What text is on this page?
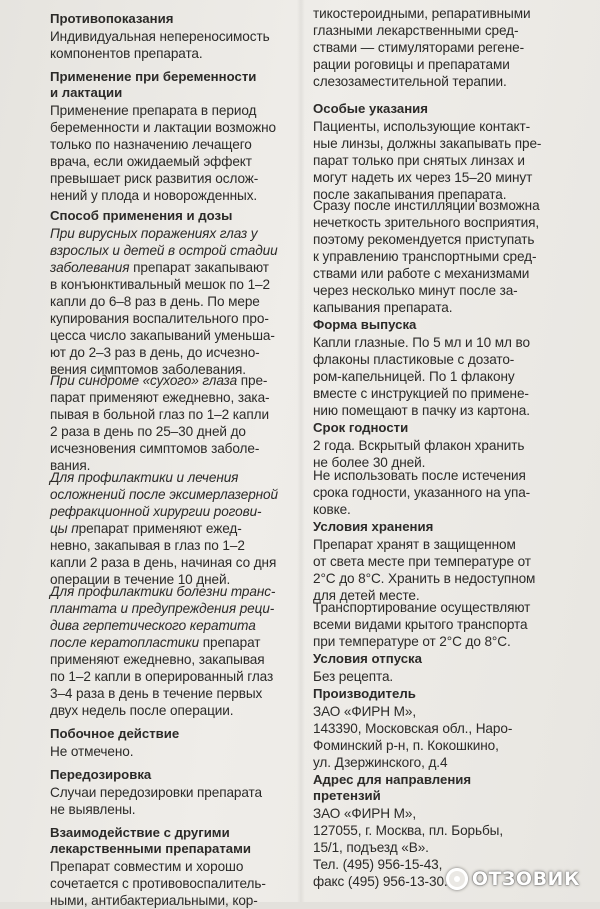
Противопоказания
Индивидуальная непереносимость
компонентов препарата.
Применение при беременности
и лактации
Применение препарата в период
беременности и лактации возможно
только по назначению лечащего
врача, если ожидаемый эффект
превышает риск развития ослож-
нений у плода и новорожденных.
Способ применения и дозы
При вирусных поражениях глаз у
взрослых и детей в острой стадии
заболевания препарат закапывают
в конъюнктивальный мешок по 1–2
капли до 6–8 раз в день. По мере
купирования воспалительного про-
цесса число закапываний уменьша-
ют до 2–3 раз в день, до исчезно-
вения симптомов заболевания.
При синдроме «сухого» глаза пре-
парат применяют ежедневно, зака-
пывая в больной глаз по 1–2 капли
2 раза в день по 25–30 дней до
исчезновения симптомов заболе-
вания.
Для профилактики и лечения
осложнений после эксимерлазерной
рефракционной хирургии рогови-
цы препарат применяют ежед-
невно, закапывая в глаз по 1–2
капли 2 раза в день, начиная со дня
операции в течение 10 дней.
Для профилактики болезни транс-
плантата и предупреждения реци-
дива герпетического кератита
после кератопластики препарат
применяют ежедневно, закапывая
по 1–2 капли в оперированный глаз
3–4 раза в день в течение первых
двух недель после операции.
Побочное действие
Не отмечено.
Передозировка
Случаи передозировки препарата
не выявлены.
Взаимодействие с другими
лекарственными препаратами
Препарат совместим и хорошо
сочетается с противовоспалитель-
ными, антибактериальными, кор-
тикостероидными, репаративными
глазными лекарственными сред-
ствами — стимуляторами регене-
рации роговицы и препаратами
слезозаместительной терапии.
Особые указания
Пациенты, использующие контакт-
ные линзы, должны закапывать пре-
парат только при снятых линзах и
могут надеть их через 15–20 минут
после закапывания препарата.
Сразу после инстилляции возможна
нечеткость зрительного восприятия,
поэтому рекомендуется приступать
к управлению транспортными сред-
ствами или работе с механизмами
через несколько минут после за-
капывания препарата.
Форма выпуска
Капли глазные. По 5 мл и 10 мл во
флаконы пластиковые с дозато-
ром-капельницей. По 1 флакону
вместе с инструкцией по примене-
нию помещают в пачку из картона.
Срок годности
2 года. Вскрытый флакон хранить
не более 30 дней.
Не использовать после истечения
срока годности, указанного на упа-
ковке.
Условия хранения
Препарат хранят в защищенном
от света месте при температуре от
2°С до 8°С. Хранить в недоступном
для детей месте.
Транспортирование осуществляют
всеми видами крытого транспорта
при температуре от 2°С до 8°С.
Условия отпуска
Без рецепта.
Производитель
ЗАО «ФИРН М»,
143390, Московская обл., Наро-
Фоминский р-н, п. Кокошкино,
ул. Дзержинского, д.4
Адрес для направления
претензий
ЗАО «ФИРН М»,
127055, г. Москва, пл. Борьбы,
15/1, подъезд «В».
Тел. (495) 956-15-43,
факс (495) 956-13-30. ОТЗОВИК
